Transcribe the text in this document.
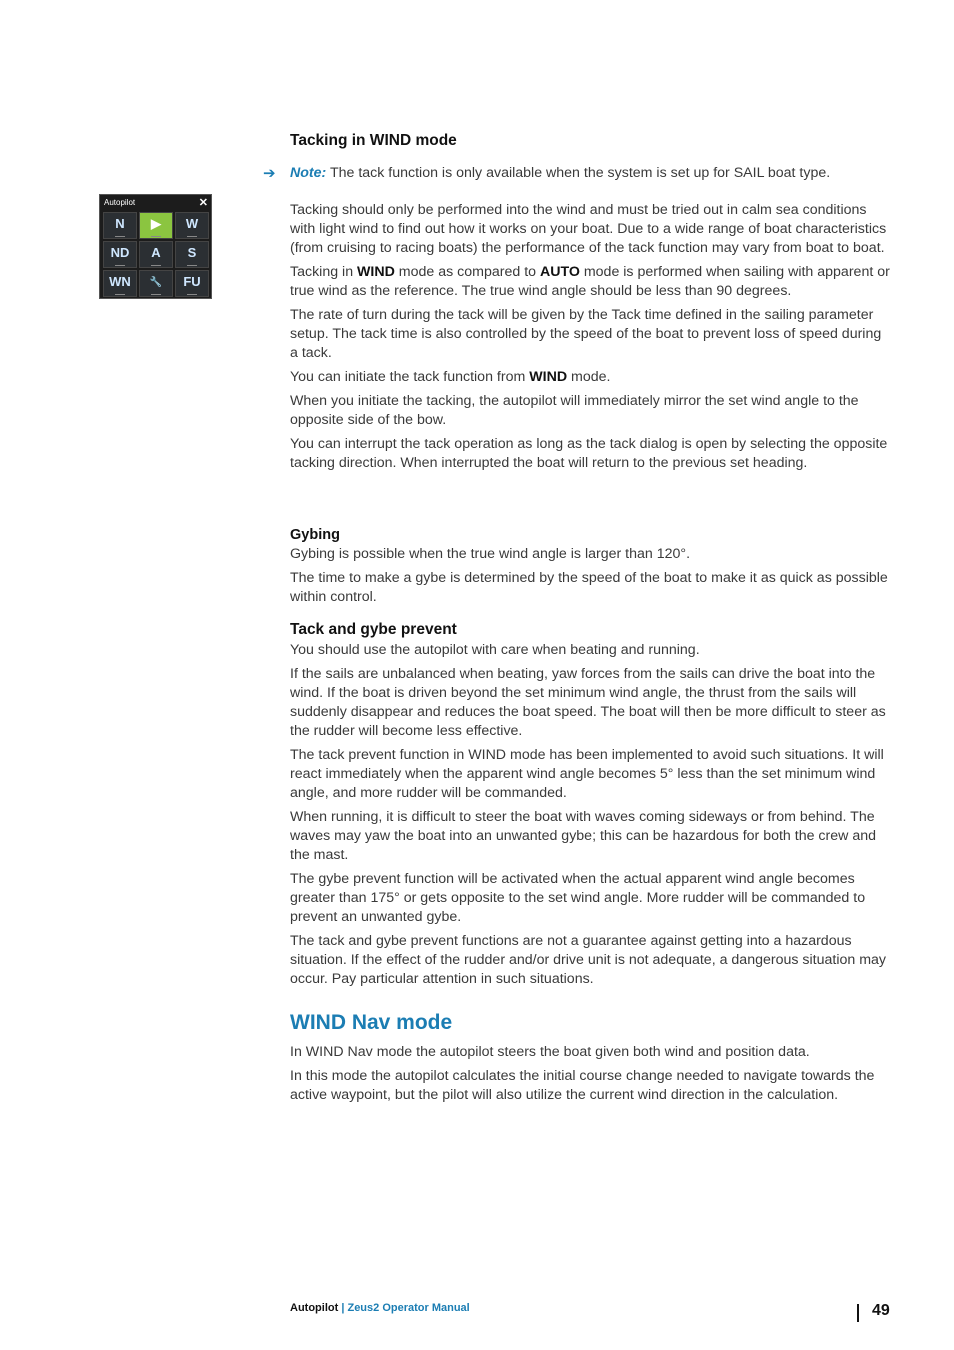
Tacking in WIND mode
➔ Note: The tack function is only available when the system is set up for SAIL boat type.
Autopilot	✕
N ▶ W
ND A S
WN 🔧 FU

Tacking should only be performed into the wind and must be tried out in calm sea conditions with light wind to find out how it works on your boat. Due to a wide range of boat characteristics (from cruising to racing boats) the performance of the tack function may vary from boat to boat.

Tacking in WIND mode as compared to AUTO mode is performed when sailing with apparent or true wind as the reference. The true wind angle should be less than 90 degrees.

The rate of turn during the tack will be given by the Tack time defined in the sailing parameter setup. The tack time is also controlled by the speed of the boat to prevent loss of speed during a tack.

You can initiate the tack function from WIND mode.

When you initiate the tacking, the autopilot will immediately mirror the set wind angle to the opposite side of the bow.

You can interrupt the tack operation as long as the tack dialog is open by selecting the opposite tacking direction. When interrupted the boat will return to the previous set heading.

Gybing

Gybing is possible when the true wind angle is larger than 120°.

The time to make a gybe is determined by the speed of the boat to make it as quick as possible within control.

Tack and gybe prevent

You should use the autopilot with care when beating and running.

If the sails are unbalanced when beating, yaw forces from the sails can drive the boat into the wind. If the boat is driven beyond the set minimum wind angle, the thrust from the sails will suddenly disappear and reduces the boat speed. The boat will then be more difficult to steer as the rudder will become less effective.

The tack prevent function in WIND mode has been implemented to avoid such situations. It will react immediately when the apparent wind angle becomes 5° less than the set minimum wind angle, and more rudder will be commanded.

When running, it is difficult to steer the boat with waves coming sideways or from behind. The waves may yaw the boat into an unwanted gybe; this can be hazardous for both the crew and the mast.

The gybe prevent function will be activated when the actual apparent wind angle becomes greater than 175° or gets opposite to the set wind angle. More rudder will be commanded to prevent an unwanted gybe.

The tack and gybe prevent functions are not a guarantee against getting into a hazardous situation. If the effect of the rudder and/or drive unit is not adequate, a dangerous situation may occur. Pay particular attention in such situations.

WIND Nav mode

In WIND Nav mode the autopilot steers the boat given both wind and position data.

In this mode the autopilot calculates the initial course change needed to navigate towards the active waypoint, but the pilot will also utilize the current wind direction in the calculation.

Autopilot | Zeus2 Operator Manual	49
